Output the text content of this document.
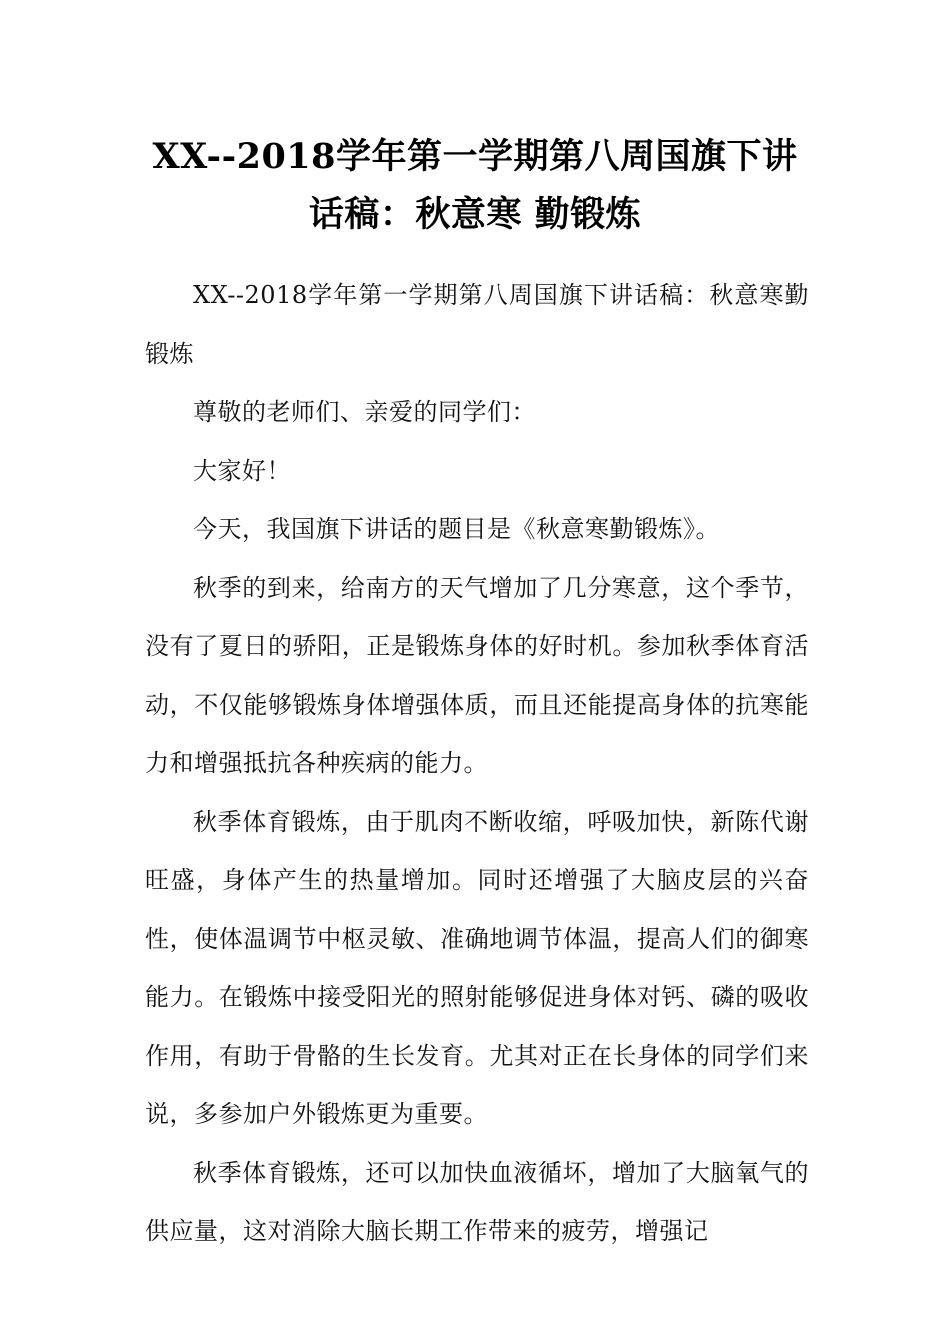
XX--2018学年第一学期第八周国旗下讲
话稿：秋意寒 勤锻炼

XX--2018学年第一学期第八周国旗下讲话稿：秋意寒勤锻炼

尊敬的老师们、亲爱的同学们：

大家好！

今天，我国旗下讲话的题目是《秋意寒勤锻炼》。

秋季的到来，给南方的天气增加了几分寒意，这个季节，没有了夏日的骄阳，正是锻炼身体的好时机。参加秋季体育活动，不仅能够锻炼身体增强体质，而且还能提高身体的抗寒能力和增强抵抗各种疾病的能力。

秋季体育锻炼，由于肌肉不断收缩，呼吸加快，新陈代谢旺盛，身体产生的热量增加。同时还增强了大脑皮层的兴奋性，使体温调节中枢灵敏、准确地调节体温，提高人们的御寒能力。在锻炼中接受阳光的照射能够促进身体对钙、磷的吸收作用，有助于骨骼的生长发育。尤其对正在长身体的同学们来说，多参加户外锻炼更为重要。

秋季体育锻炼，还可以加快血液循坏，增加了大脑氧气的供应量，这对消除大脑长期工作带来的疲劳，增强记
